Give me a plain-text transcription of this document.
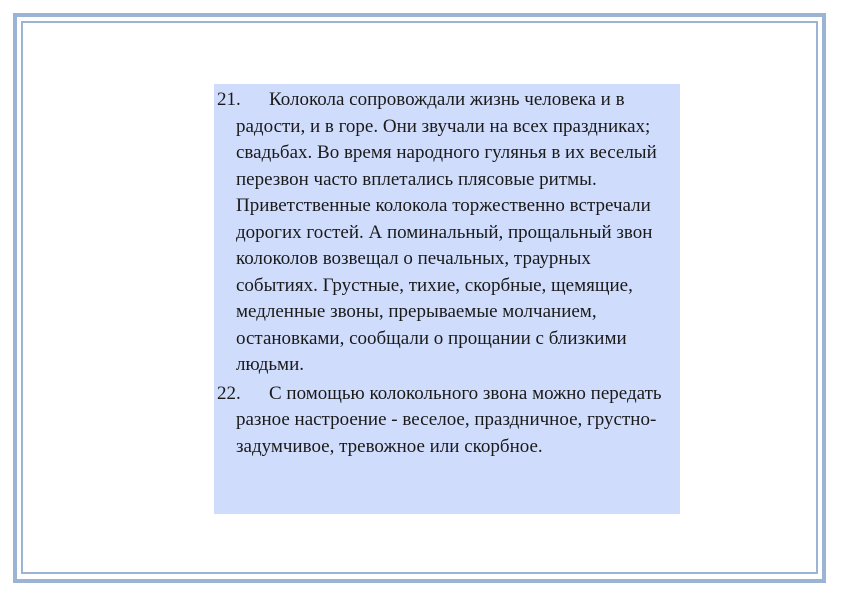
21.	Колокола сопровождали жизнь человека и в радости, и в горе. Они звучали на всех праздниках; свадьбах. Во время народного гулянья в их веселый перезвон часто вплетались плясовые ритмы. Приветственные колокола торжественно встречали дорогих гостей. А поминальный, прощальный звон колоколов возвещал о печальных, траурных событиях. Грустные, тихие, скорбные, щемящие, медленные звоны, прерываемые молчанием, остановками, сообщали о прощании с близкими людьми.

22.	С помощью колокольного звона можно передать разное настроение - веселое, праздничное, грустно-задумчивое, тревожное или скорбное.
